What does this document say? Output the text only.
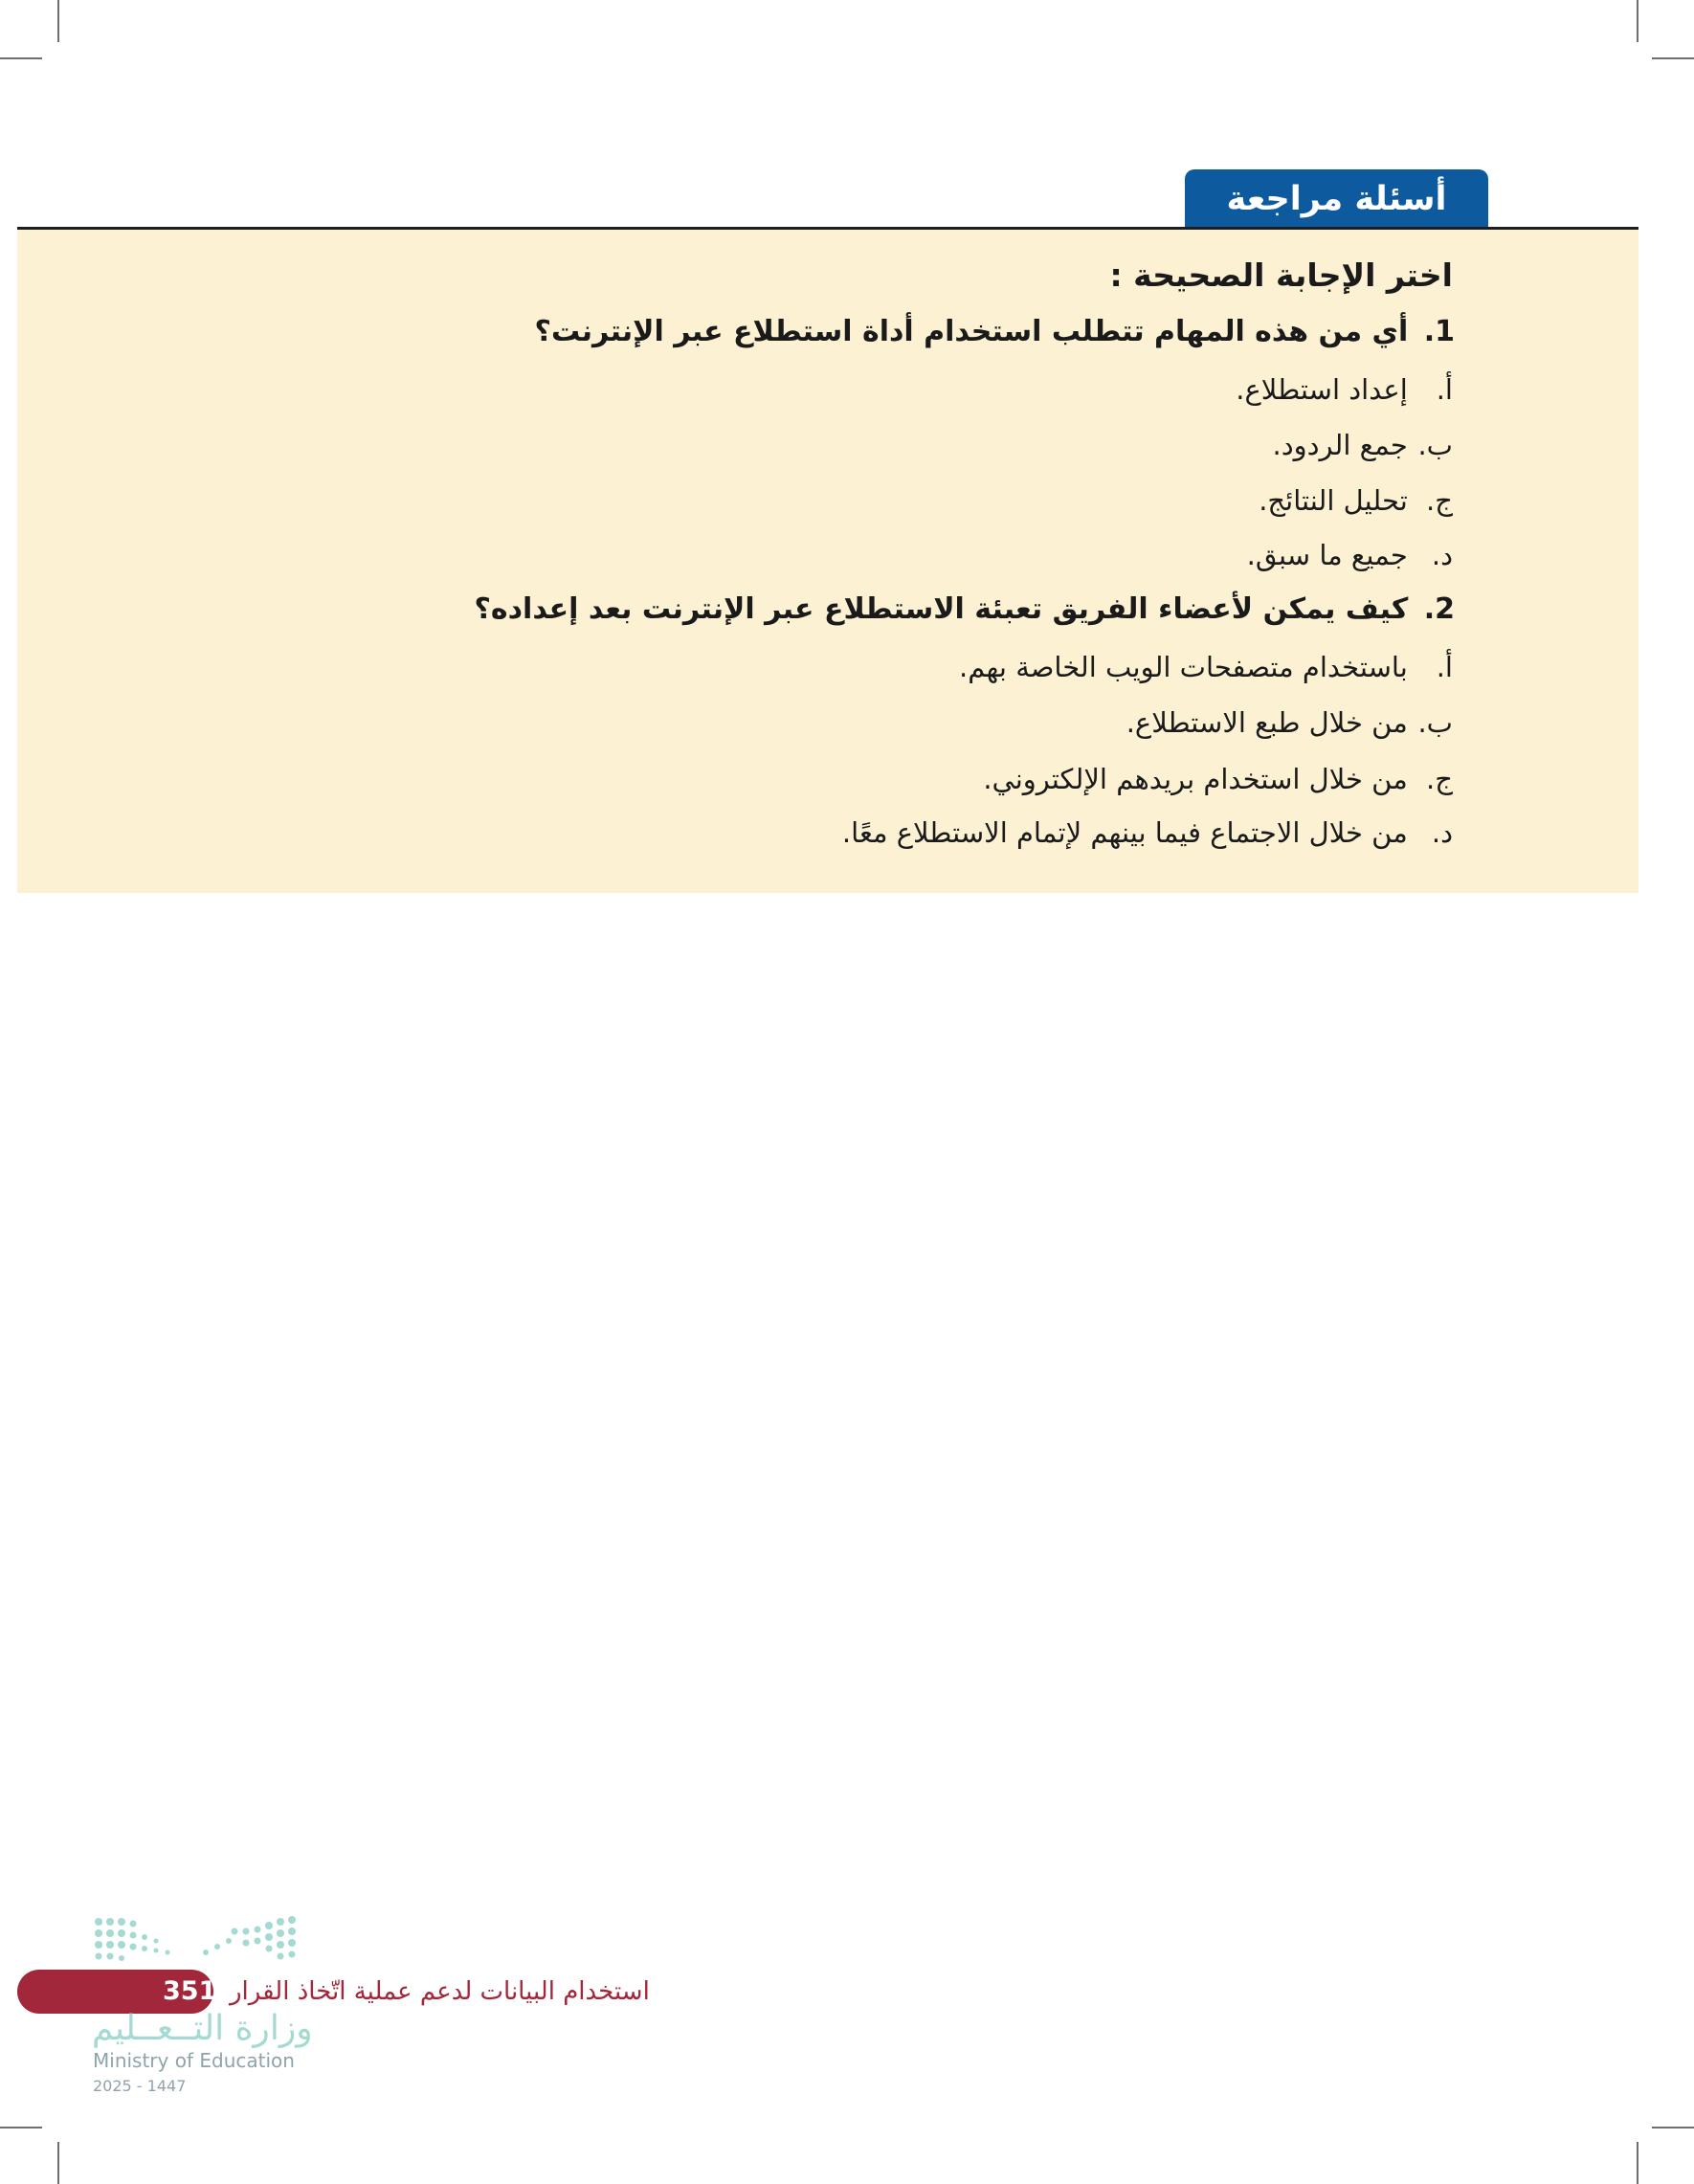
أسئلة مراجعة
اختر الإجابة الصحيحة :
1. أي من هذه المهام تتطلب استخدام أداة استطلاع عبر الإنترنت؟
أ. إعداد استطلاع.
ب. جمع الردود.
ج. تحليل النتائج.
د. جميع ما سبق.
2. كيف يمكن لأعضاء الفريق تعبئة الاستطلاع عبر الإنترنت بعد إعداده؟
أ. باستخدام متصفحات الويب الخاصة بهم.
ب. من خلال طبع الاستطلاع.
ج. من خلال استخدام بريدهم الإلكتروني.
د. من خلال الاجتماع فيما بينهم لإتمام الاستطلاع معًا.
351 استخدام البيانات لدعم عملية اتّخاذ القرار
وزارة التــعــليم
Ministry of Education
2025 - 1447
